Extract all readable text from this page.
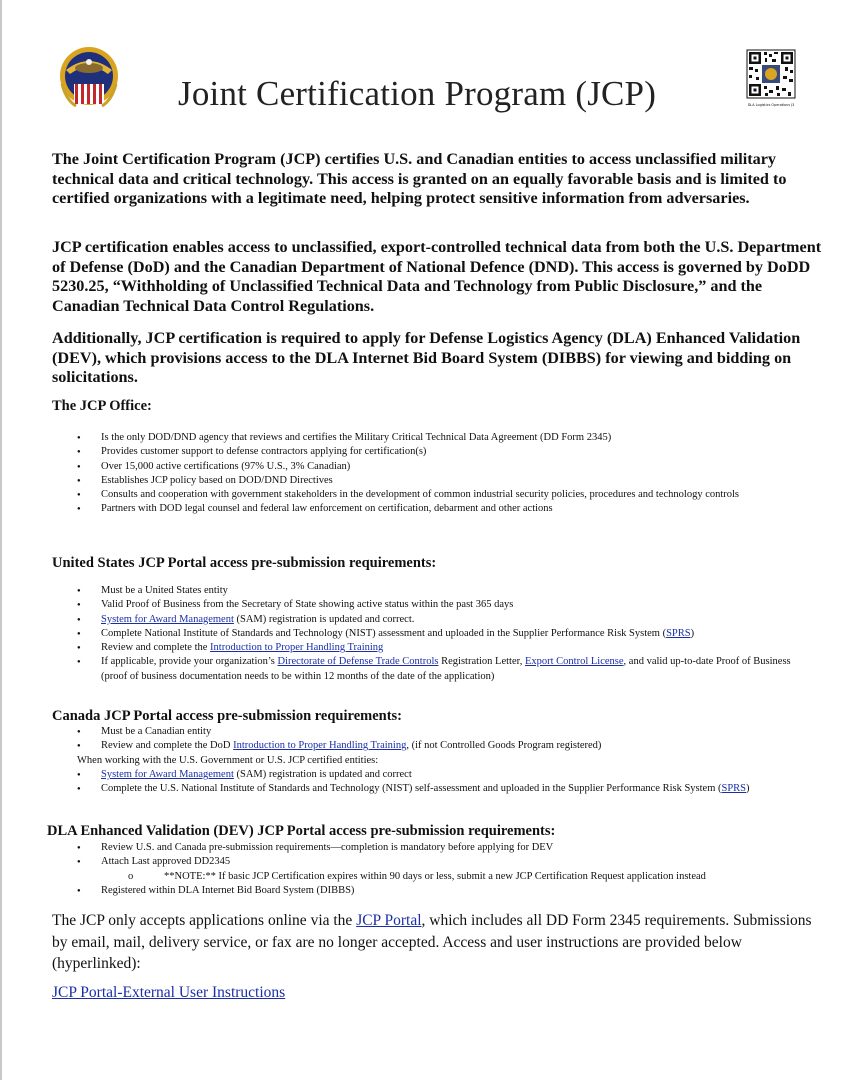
Joint Certification Program (JCP)	DLA Logistics Operations J3

The Joint Certification Program (JCP) certifies U.S. and Canadian entities to access unclassified military technical data and critical technology. This access is granted on an equally favorable basis and is limited to certified organizations with a legitimate need, helping protect sensitive information from adversaries.

JCP certification enables access to unclassified, export-controlled technical data from both the U.S. Department of Defense (DoD) and the Canadian Department of National Defence (DND). This access is governed by DoDD 5230.25, “Withholding of Unclassified Technical Data and Technology from Public Disclosure,” and the Canadian Technical Data Control Regulations.

Additionally, JCP certification is required to apply for Defense Logistics Agency (DLA) Enhanced Validation (DEV), which provisions access to the DLA Internet Bid Board System (DIBBS) for viewing and bidding on solicitations.

The JCP Office:
● Is the only DOD/DND agency that reviews and certifies the Military Critical Technical Data Agreement (DD Form 2345)
● Provides customer support to defense contractors applying for certification(s)
● Over 15,000 active certifications (97% U.S., 3% Canadian)
● Establishes JCP policy based on DOD/DND Directives
● Consults and cooperation with government stakeholders in the development of common industrial security policies, procedures and technology controls
● Partners with DOD legal counsel and federal law enforcement on certification, debarment and other actions
United States JCP Portal access pre-submission requirements:
● Must be a United States entity
● Valid Proof of Business from the Secretary of State showing active status within the past 365 days
● System for Award Management (SAM) registration is updated and correct.
● Complete National Institute of Standards and Technology (NIST) assessment and uploaded in the Supplier Performance Risk System (SPRS)
● Review and complete the Introduction to Proper Handling Training
● If applicable, provide your organization’s Directorate of Defense Trade Controls Registration Letter, Export Control License, and valid up-to-date Proof of Business (proof of business documentation needs to be within 12 months of the date of the application)
Canada JCP Portal access pre-submission requirements:
● Must be a Canadian entity
● Review and complete the DoD Introduction to Proper Handling Training, (if not Controlled Goods Program registered)
When working with the U.S. Government or U.S. JCP certified entities:
● System for Award Management (SAM) registration is updated and correct
● Complete the U.S. National Institute of Standards and Technology (NIST) self-assessment and uploaded in the Supplier Performance Risk System (SPRS)
DLA Enhanced Validation (DEV) JCP Portal access pre-submission requirements:
● Review U.S. and Canada pre-submission requirements—completion is mandatory before applying for DEV
● Attach Last approved DD2345
o	**NOTE:** If basic JCP Certification expires within 90 days or less, submit a new JCP Certification Request application instead
● Registered within DLA Internet Bid Board System (DIBBS)

The JCP only accepts applications online via the JCP Portal, which includes all DD Form 2345 requirements. Submissions by email, mail, delivery service, or fax are no longer accepted. Access and user instructions are provided below (hyperlinked):

JCP Portal-External User Instructions
